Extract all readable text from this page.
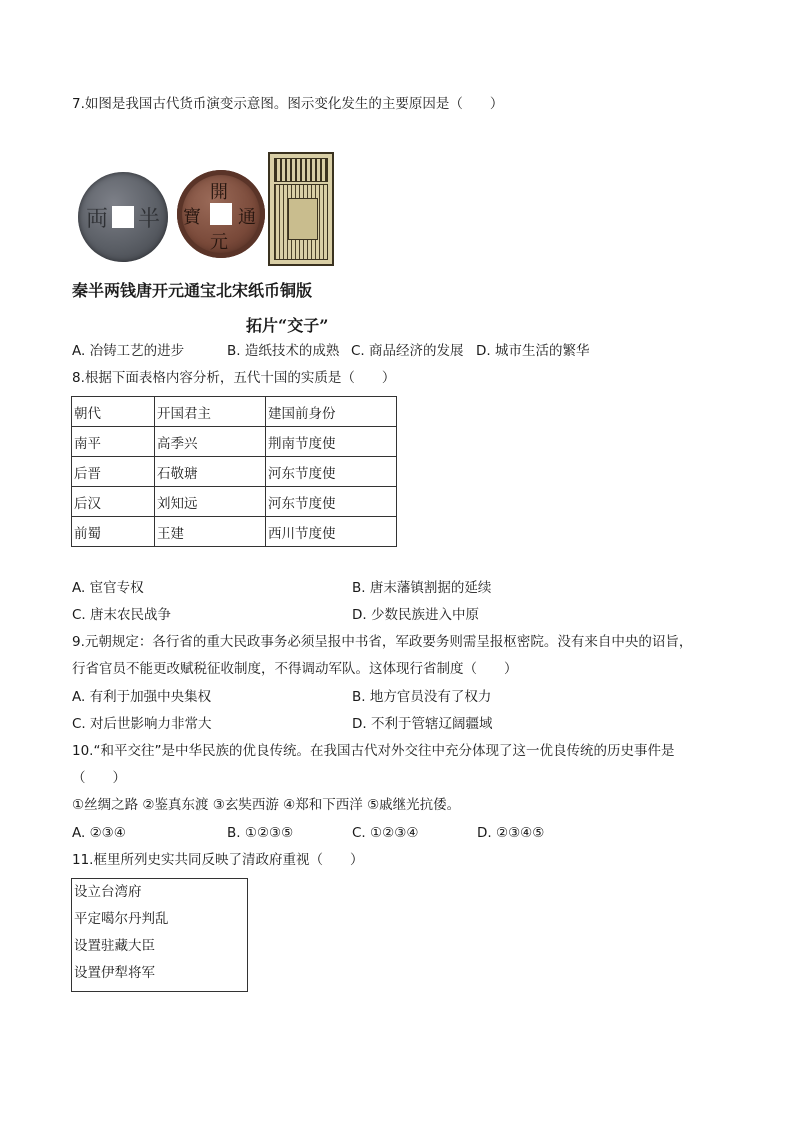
7.如图是我国古代货币演变示意图。图示变化发生的主要原因是（　　）
両 半
開
元
通
寶
秦半两钱唐开元通宝北宋纸币铜版
拓片“交子”
A. 冶铸工艺的进步	B. 造纸技术的成熟 C. 商品经济的发展 D. 城市生活的繁华
8.根据下面表格内容分析，五代十国的实质是（　　）
朝代	开国君主	建国前身份
南平	高季兴	荆南节度使
后晋	石敬瑭	河东节度使
后汉	刘知远	河东节度使
前蜀	王建	西川节度使
A. 宦官专权	B. 唐末藩镇割据的延续
C. 唐末农民战争	D. 少数民族进入中原
9.元朝规定：各行省的重大民政事务必须呈报中书省，军政要务则需呈报枢密院。没有来自中央的诏旨，
行省官员不能更改赋税征收制度，不得调动军队。这体现行省制度（　　）
A. 有利于加强中央集权	B. 地方官员没有了权力
C. 对后世影响力非常大	D. 不利于管辖辽阔疆域
10.“和平交往”是中华民族的优良传统。在我国古代对外交往中充分体现了这一优良传统的历史事件是
（　　）
①丝绸之路 ②鉴真东渡 ③玄奘西游 ④郑和下西洋 ⑤戚继光抗倭。
A. ②③④	B. ①②③⑤	C. ①②③④	D. ②③④⑤
11.框里所列史实共同反映了清政府重视（　　）
设立台湾府
平定噶尔丹判乱
设置驻藏大臣
设置伊犁将军
